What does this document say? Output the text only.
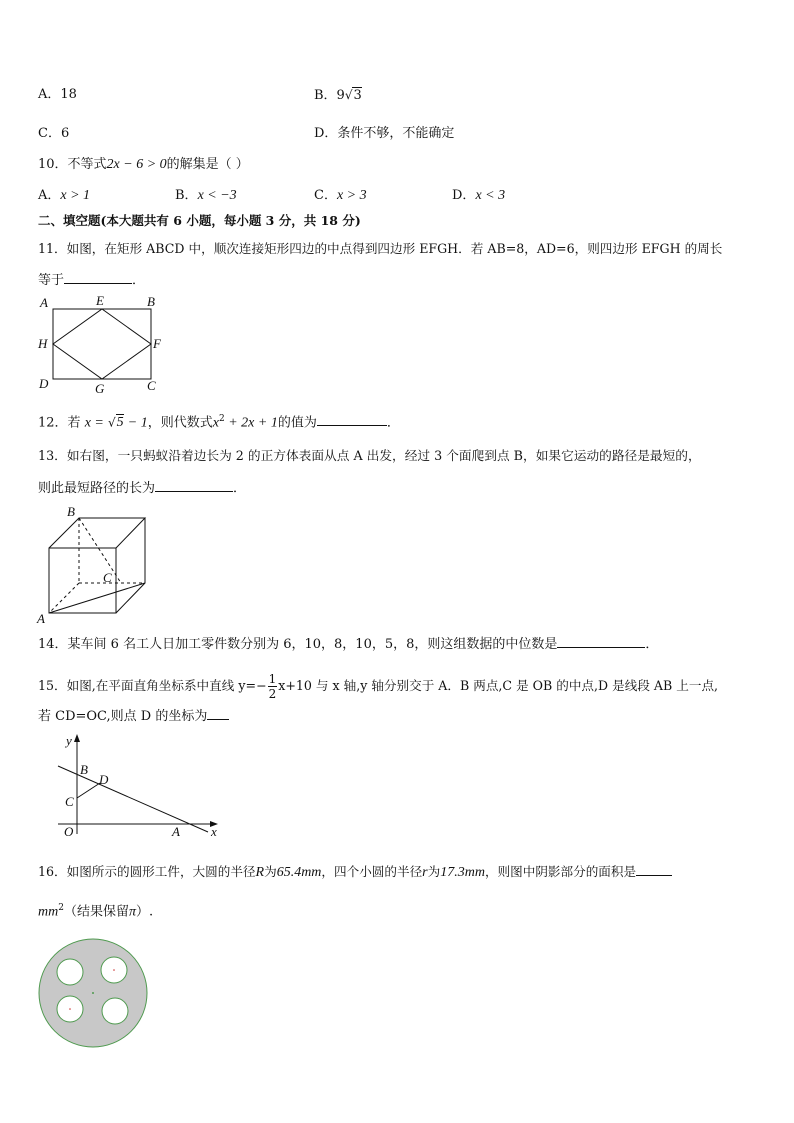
A．18	B．9√3
C．6	D．条件不够，不能确定
10．不等式2x − 6 > 0的解集是（ ）
A．x > 1	B．x < −3	C．x > 3	D．x < 3
二、填空题(本大题共有 6 小题，每小题 3 分，共 18 分)
11．如图，在矩形 ABCD 中，顺次连接矩形四边的中点得到四边形 EFGH．若 AB=8，AD=6，则四边形 EFGH 的周长
等于	．
A	E	B
H	F
D	G	C
12．若 x = √5 − 1，则代数式$x^2 + 2x + 1$的值为	．
13．如右图，一只蚂蚁沿着边长为 2 的正方体表面从点 A 出发，经过 3 个面爬到点 B，如果它运动的路径是最短的，
则此最短路径的长为	．
B
C
A
14．某车间 6 名工人日加工零件数分别为 6，10，8，10，5，8，则这组数据的中位数是	．
15．如图,在平面直角坐标系中直线 $y=- \frac{1}{2} x+10$ 与 x 轴,y 轴分别交于 A．B 两点,C 是 OB 的中点,D 是线段 AB 上一点,
若 CD=OC,则点 D 的坐标为
y
x
O
B
D
C
A
16．如图所示的圆形工件，大圆的半径R为65.4mm，四个小圆的半径r为17.3mm，则图中阴影部分的面积是
$mm^2$（结果保留π）.
